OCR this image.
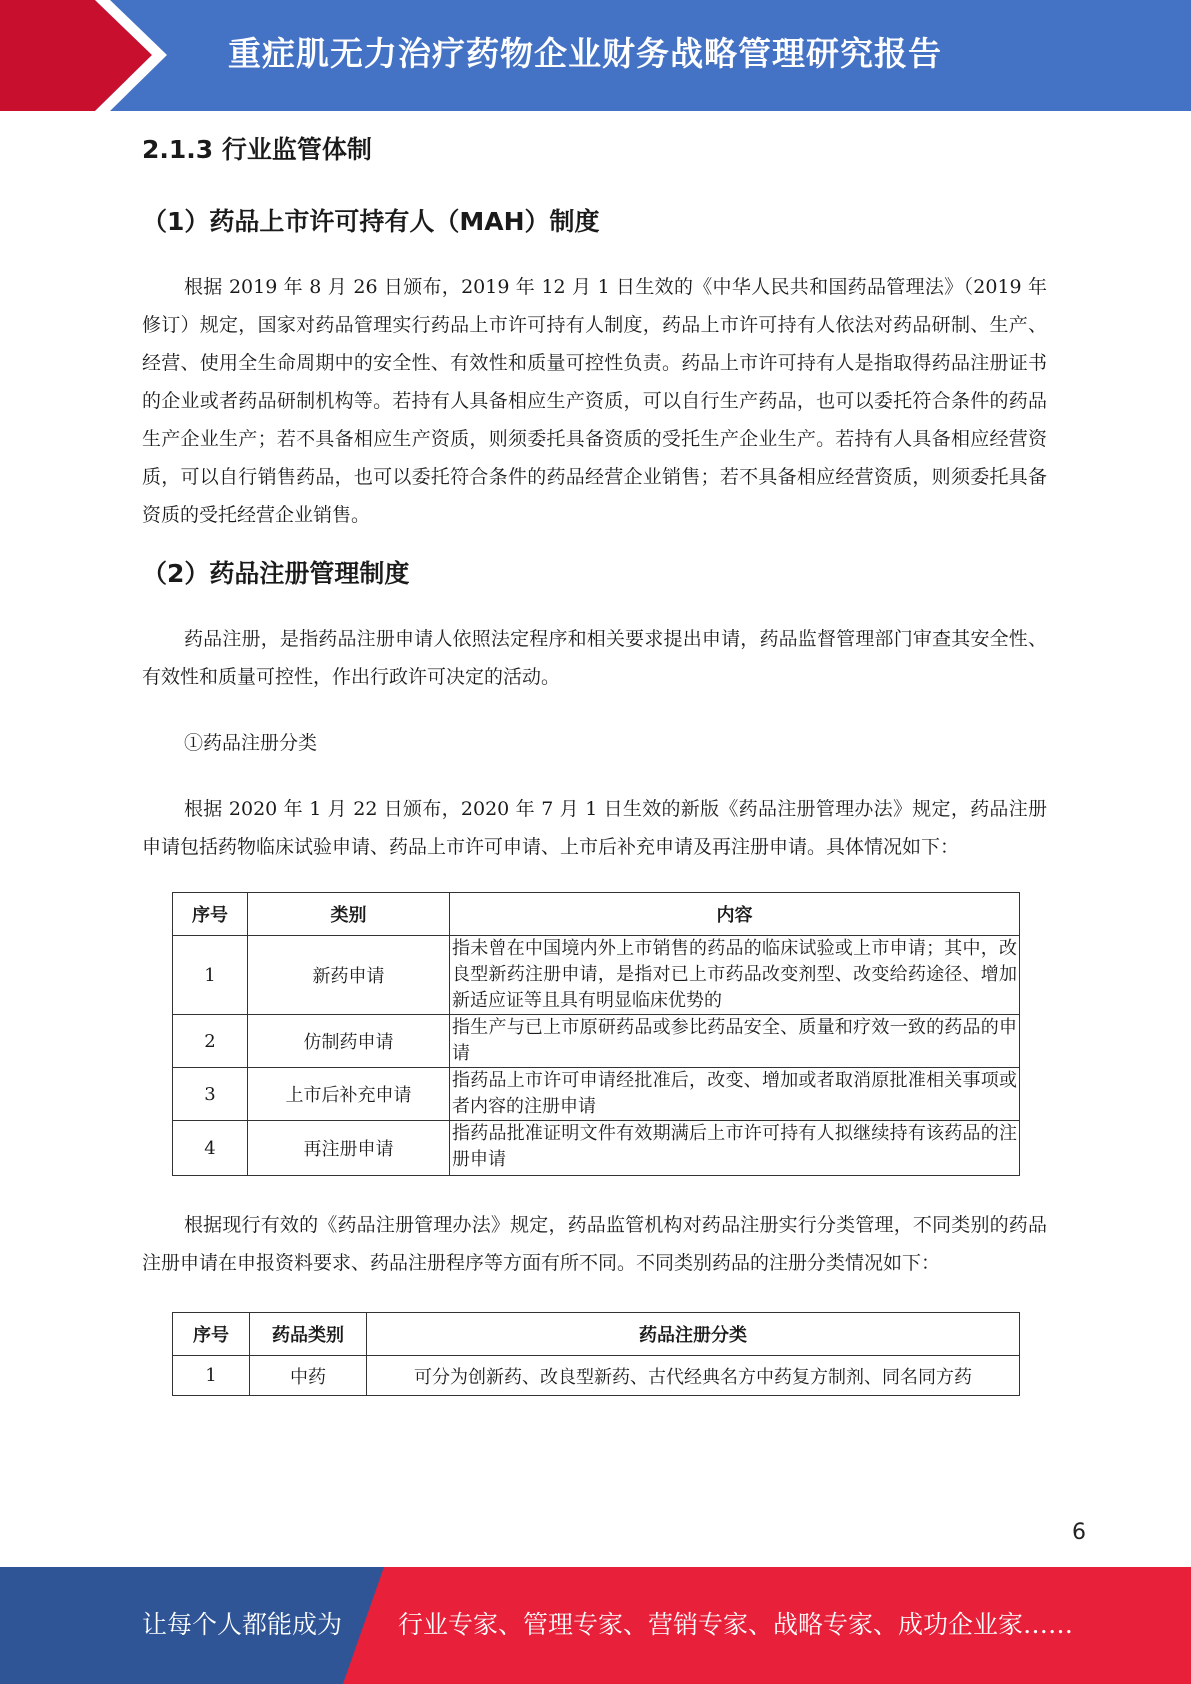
重症肌无力治疗药物企业财务战略管理研究报告
2.1.3 行业监管体制
（1）药品上市许可持有人（MAH）制度

根据 2019 年 8 月 26 日颁布，2019 年 12 月 1 日生效的《中华人民共和国药品管理法》（2019 年修订）规定，国家对药品管理实行药品上市许可持有人制度，药品上市许可持有人依法对药品研制、生产、经营、使用全生命周期中的安全性、有效性和质量可控性负责。药品上市许可持有人是指取得药品注册证书的企业或者药品研制机构等。若持有人具备相应生产资质，可以自行生产药品，也可以委托符合条件的药品生产企业生产；若不具备相应生产资质，则须委托具备资质的受托生产企业生产。若持有人具备相应经营资质，可以自行销售药品，也可以委托符合条件的药品经营企业销售；若不具备相应经营资质，则须委托具备资质的受托经营企业销售。

（2）药品注册管理制度

药品注册，是指药品注册申请人依照法定程序和相关要求提出申请，药品监督管理部门审查其安全性、有效性和质量可控性，作出行政许可决定的活动。

①药品注册分类

根据 2020 年 1 月 22 日颁布，2020 年 7 月 1 日生效的新版《药品注册管理办法》规定，药品注册申请包括药物临床试验申请、药品上市许可申请、上市后补充申请及再注册申请。具体情况如下：

序号	类别	内容
1	新药申请	指未曾在中国境内外上市销售的药品的临床试验或上市申请；其中，改良型新药注册申请，是指对已上市药品改变剂型、改变给药途径、增加新适应证等且具有明显临床优势的
2	仿制药申请	指生产与已上市原研药品或参比药品安全、质量和疗效一致的药品的申请
3	上市后补充申请	指药品上市许可申请经批准后，改变、增加或者取消原批准相关事项或者内容的注册申请
4	再注册申请	指药品批准证明文件有效期满后上市许可持有人拟继续持有该药品的注册申请

根据现行有效的《药品注册管理办法》规定，药品监管机构对药品注册实行分类管理，不同类别的药品注册申请在申报资料要求、药品注册程序等方面有所不同。不同类别药品的注册分类情况如下：

序号	药品类别	药品注册分类
1	中药	可分为创新药、改良型新药、古代经典名方中药复方制剂、同名同方药
6
让每个人都能成为 行业专家、管理专家、营销专家、战略专家、成功企业家……
